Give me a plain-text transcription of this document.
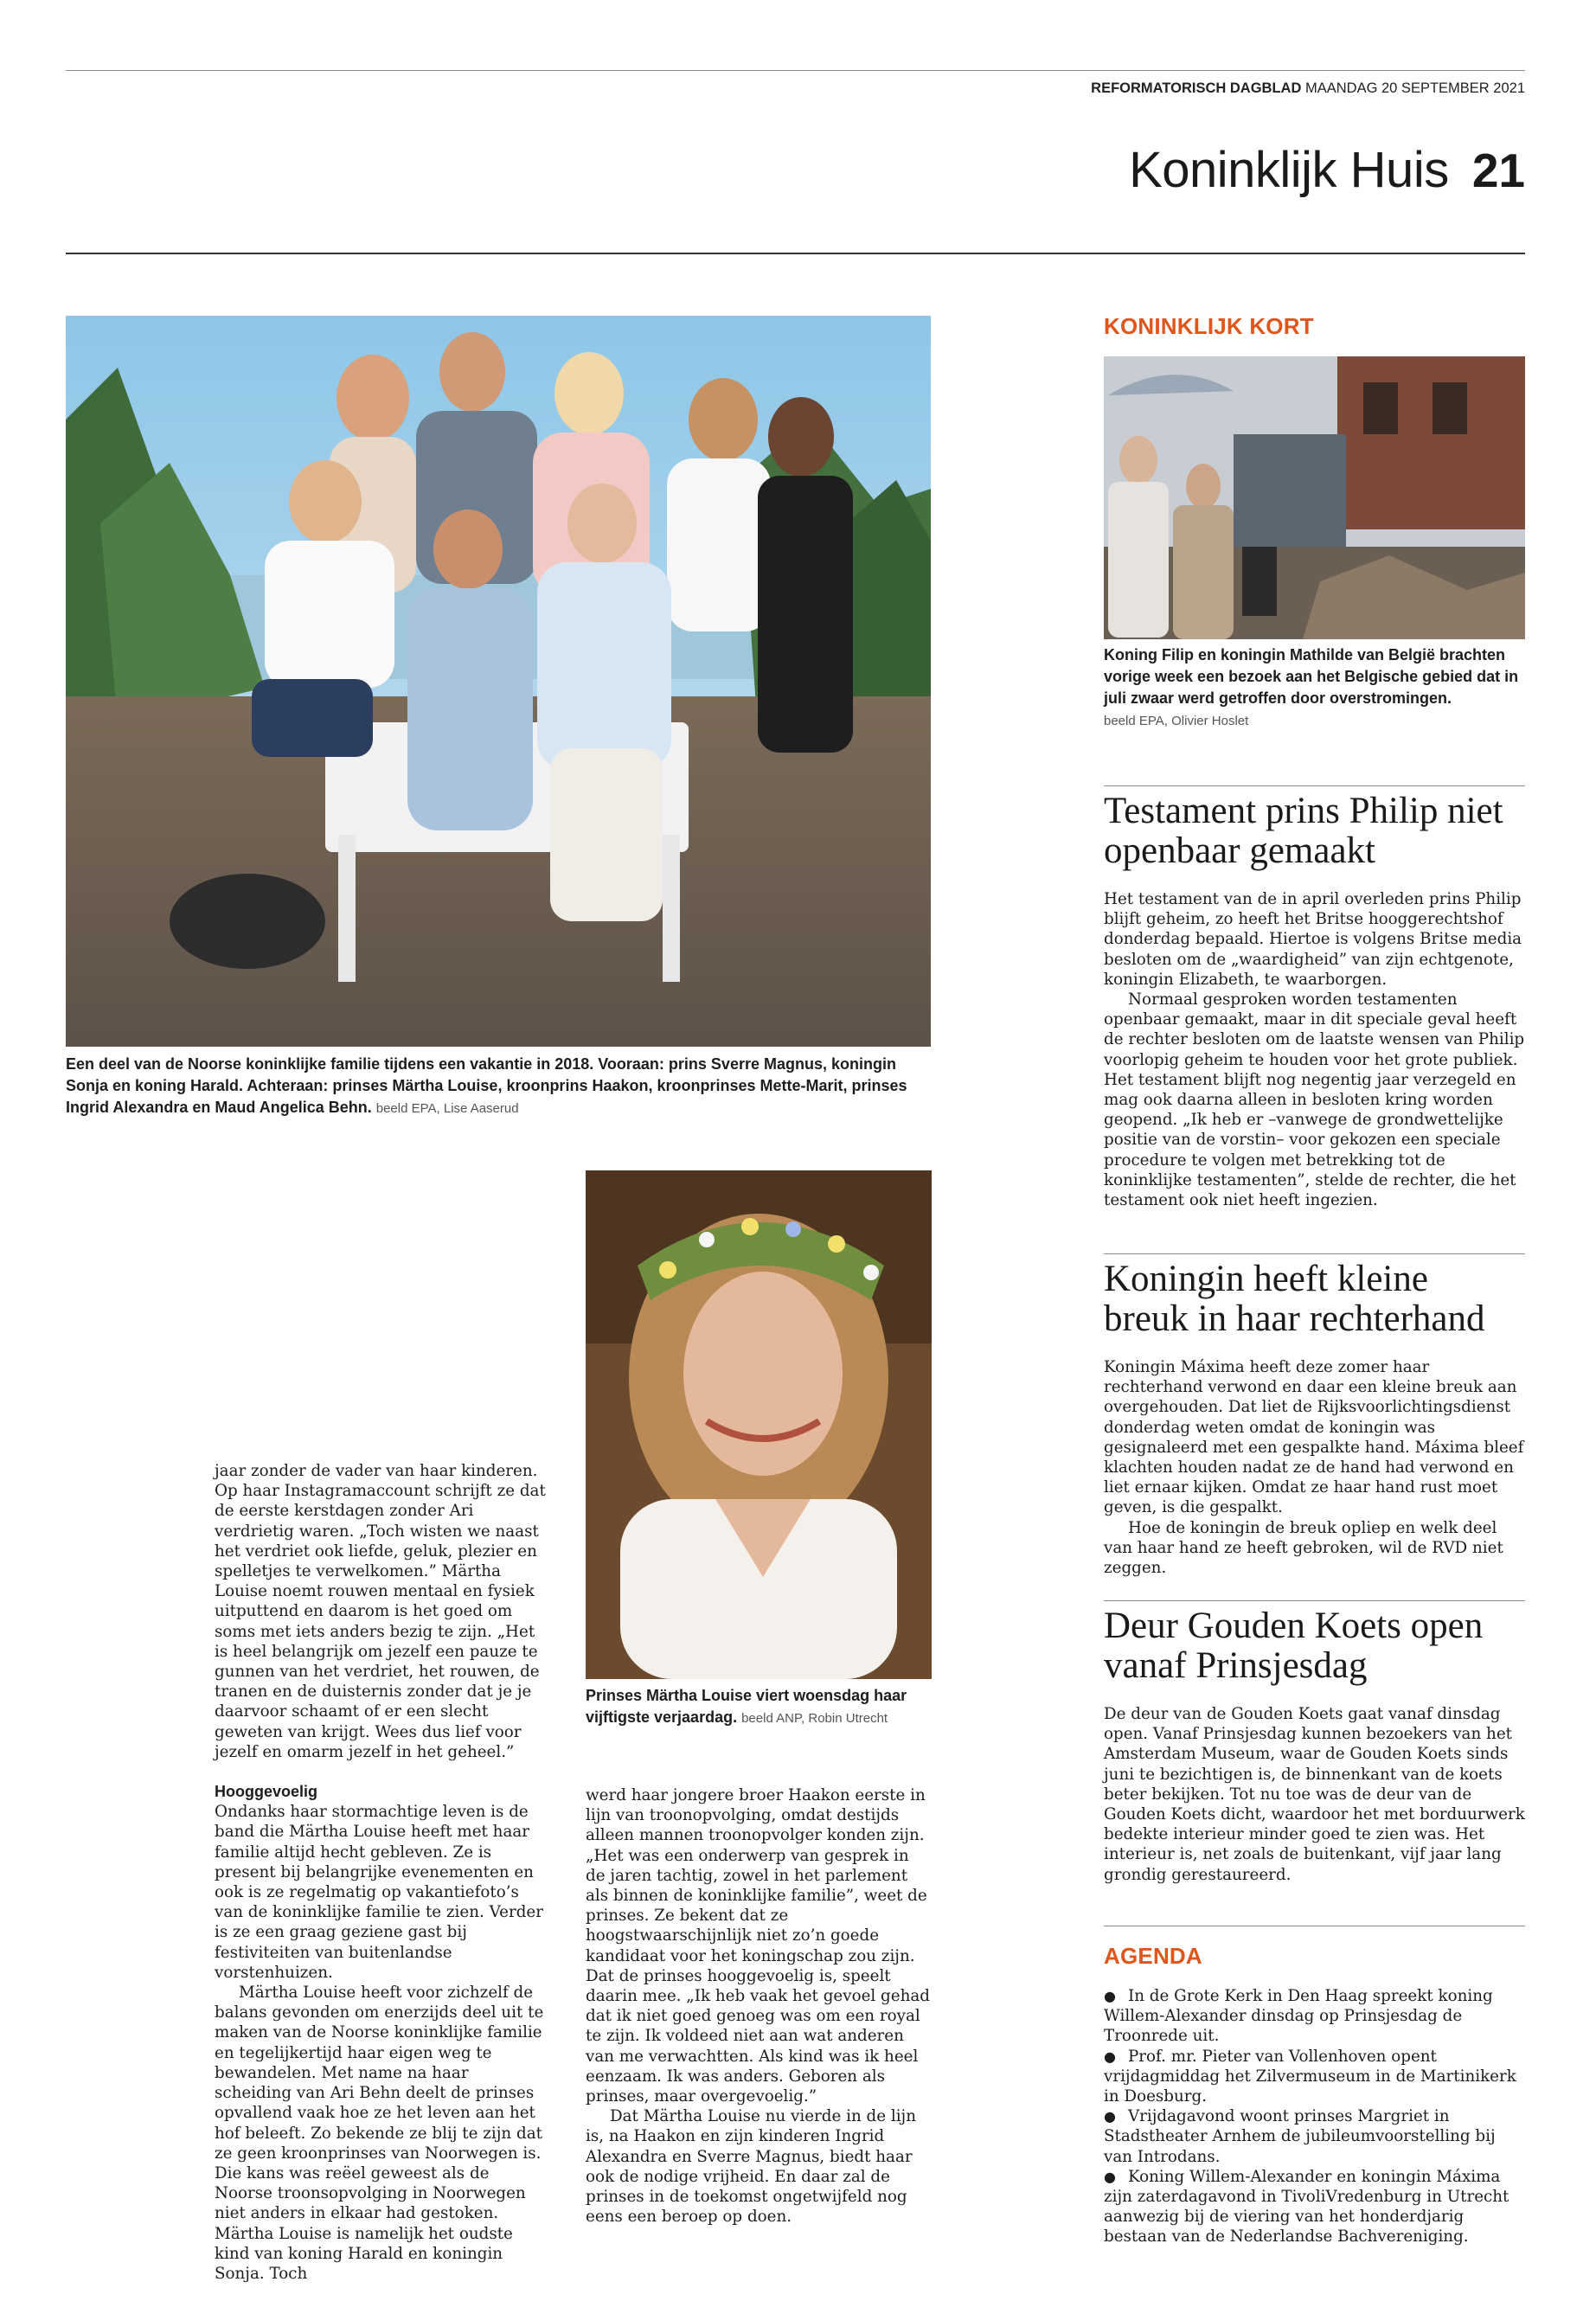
REFORMATORISCH DAGBLAD MAANDAG 20 SEPTEMBER 2021
Koninklijk Huis 21
Een deel van de Noorse koninklijke familie tijdens een vakantie in 2018. Vooraan: prins Sverre Magnus, koningin Sonja en koning Harald. Achteraan: prinses Märtha Louise, kroonprins Haakon, kroonprinses Mette-Marit, prinses Ingrid Alexandra en Maud Angelica Behn. beeld EPA, Lise Aaserud
Prinses Märtha Louise viert woensdag haar vijftigste verjaardag. beeld ANP, Robin Utrecht

jaar zonder de vader van haar kinderen. Op haar Instagramaccount schrijft ze dat de eerste kerstdagen zonder Ari verdrietig waren. „Toch wisten we naast het verdriet ook liefde, geluk, plezier en spelletjes te verwelkomen.” Märtha Louise noemt rouwen mentaal en fysiek uitputtend en daarom is het goed om soms met iets anders bezig te zijn. „Het is heel belangrijk om jezelf een pauze te gunnen van het verdriet, het rouwen, de tranen en de duisternis zonder dat je je daarvoor schaamt of er een slecht geweten van krijgt. Wees dus lief voor jezelf en omarm jezelf in het geheel.”

Hooggevoelig

Ondanks haar stormachtige leven is de band die Märtha Louise heeft met haar familie altijd hecht gebleven. Ze is present bij belangrijke evenementen en ook is ze regelmatig op vakantiefoto’s van de koninklijke familie te zien. Verder is ze een graag geziene gast bij festiviteiten van buitenlandse vorstenhuizen.

Märtha Louise heeft voor zichzelf de balans gevonden om enerzijds deel uit te maken van de Noorse koninklijke familie en tegelijkertijd haar eigen weg te bewandelen. Met name na haar scheiding van Ari Behn deelt de prinses opvallend vaak hoe ze het leven aan het hof beleeft. Zo bekende ze blij te zijn dat ze geen kroonprinses van Noorwegen is. Die kans was reëel geweest als de Noorse troonsopvolging in Noorwegen niet anders in elkaar had gestoken. Märtha Louise is namelijk het oudste kind van koning Harald en koningin Sonja. Toch

werd haar jongere broer Haakon eerste in lijn van troonopvolging, omdat destijds alleen mannen troonopvolger konden zijn. „Het was een onderwerp van gesprek in de jaren tachtig, zowel in het parlement als binnen de koninklijke familie”, weet de prinses. Ze bekent dat ze hoogstwaarschijnlijk niet zo’n goede kandidaat voor het koningschap zou zijn. Dat de prinses hooggevoelig is, speelt daarin mee. „Ik heb vaak het gevoel gehad dat ik niet goed genoeg was om een royal te zijn. Ik voldeed niet aan wat anderen van me verwachtten. Als kind was ik heel eenzaam. Ik was anders. Geboren als prinses, maar overgevoelig.”

Dat Märtha Louise nu vierde in de lijn is, na Haakon en zijn kinderen Ingrid Alexandra en Sverre Magnus, biedt haar ook de nodige vrijheid. En daar zal de prinses in de toekomst ongetwijfeld nog eens een beroep op doen.

KONINKLIJK KORT
Koning Filip en koningin Mathilde van België brachten vorige week een bezoek aan het Belgische gebied dat in juli zwaar werd getroffen door overstromingen.
beeld EPA, Olivier Hoslet
Testament prins Philip niet openbaar gemaakt

Het testament van de in april overleden prins Philip blijft geheim, zo heeft het Britse hooggerechtshof donderdag bepaald. Hiertoe is volgens Britse media besloten om de „waardigheid” van zijn echtgenote, koningin Elizabeth, te waarborgen.

Normaal gesproken worden testamenten openbaar gemaakt, maar in dit speciale geval heeft de rechter besloten om de laatste wensen van Philip voorlopig geheim te houden voor het grote publiek. Het testament blijft nog negentig jaar verzegeld en mag ook daarna alleen in besloten kring worden geopend. „Ik heb er –vanwege de grondwettelijke positie van de vorstin– voor gekozen een speciale procedure te volgen met betrekking tot de koninklijke testamenten”, stelde de rechter, die het testament ook niet heeft ingezien.

Koningin heeft kleine breuk in haar rechterhand

Koningin Máxima heeft deze zomer haar rechterhand verwond en daar een kleine breuk aan overgehouden. Dat liet de Rijksvoorlichtingsdienst donderdag weten omdat de koningin was gesignaleerd met een gespalkte hand. Máxima bleef klachten houden nadat ze de hand had verwond en liet ernaar kijken. Omdat ze haar hand rust moet geven, is die gespalkt.

Hoe de koningin de breuk opliep en welk deel van haar hand ze heeft gebroken, wil de RVD niet zeggen.

Deur Gouden Koets open vanaf Prinsjesdag

De deur van de Gouden Koets gaat vanaf dinsdag open. Vanaf Prinsjesdag kunnen bezoekers van het Amsterdam Museum, waar de Gouden Koets sinds juni te bezichtigen is, de binnenkant van de koets beter bekijken. Tot nu toe was de deur van de Gouden Koets dicht, waardoor het met borduurwerk bedekte interieur minder goed te zien was. Het interieur is, net zoals de buitenkant, vijf jaar lang grondig gerestaureerd.

AGENDA
● In de Grote Kerk in Den Haag spreekt koning Willem-Alexander dinsdag op Prinsjesdag de Troonrede uit.
● Prof. mr. Pieter van Vollenhoven opent vrijdagmiddag het Zilvermuseum in de Martinikerk in Doesburg.
● Vrijdagavond woont prinses Margriet in Stadstheater Arnhem de jubileumvoorstelling bij van Introdans.
● Koning Willem-Alexander en koningin Máxima zijn zaterdagavond in TivoliVredenburg in Utrecht aanwezig bij de viering van het honderdjarig bestaan van de Nederlandse Bachvereniging.
